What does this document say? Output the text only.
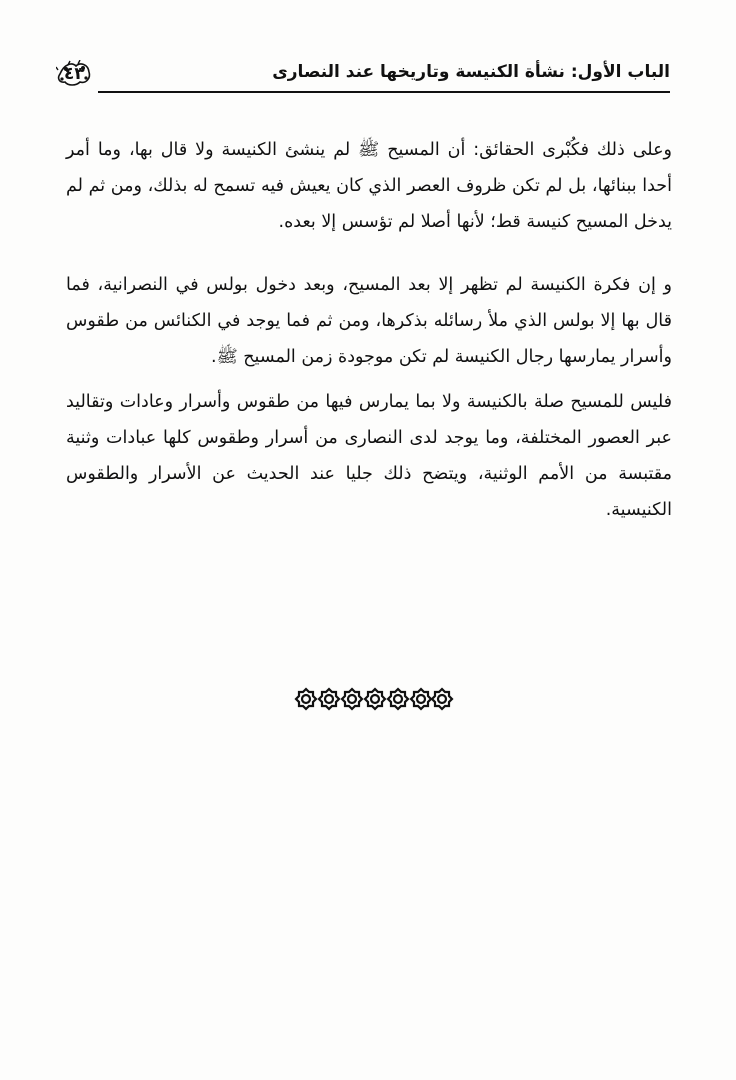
٤٣	الباب الأول: نشأة الكنيسة وتاريخها عند النصارى

وعلى ذلك فكُبْرى الحقائق: أن المسيح ﷺ لم ينشئ الكنيسة ولا قال بها، وما أمر أحدا ببنائها، بل لم تكن ظروف العصر الذي كان يعيش فيه تسمح له بذلك، ومن ثم لم يدخل المسيح كنيسة قط؛ لأنها أصلا لم تؤسس إلا بعده.

و إن فكرة الكنيسة لم تظهر إلا بعد المسيح، وبعد دخول بولس في النصرانية، فما قال بها إلا بولس الذي ملأ رسائله بذكرها، ومن ثم فما يوجد في الكنائس من طقوس وأسرار يمارسها رجال الكنيسة لم تكن موجودة زمن المسيح ﷺ.

فليس للمسيح صلة بالكنيسة ولا بما يمارس فيها من طقوس وأسرار وعادات وتقاليد عبر العصور المختلفة، وما يوجد لدى النصارى من أسرار وطقوس كلها عبادات وثنية مقتبسة من الأمم الوثنية، ويتضح ذلك جليا عند الحديث عن الأسرار والطقوس الكنيسية.
